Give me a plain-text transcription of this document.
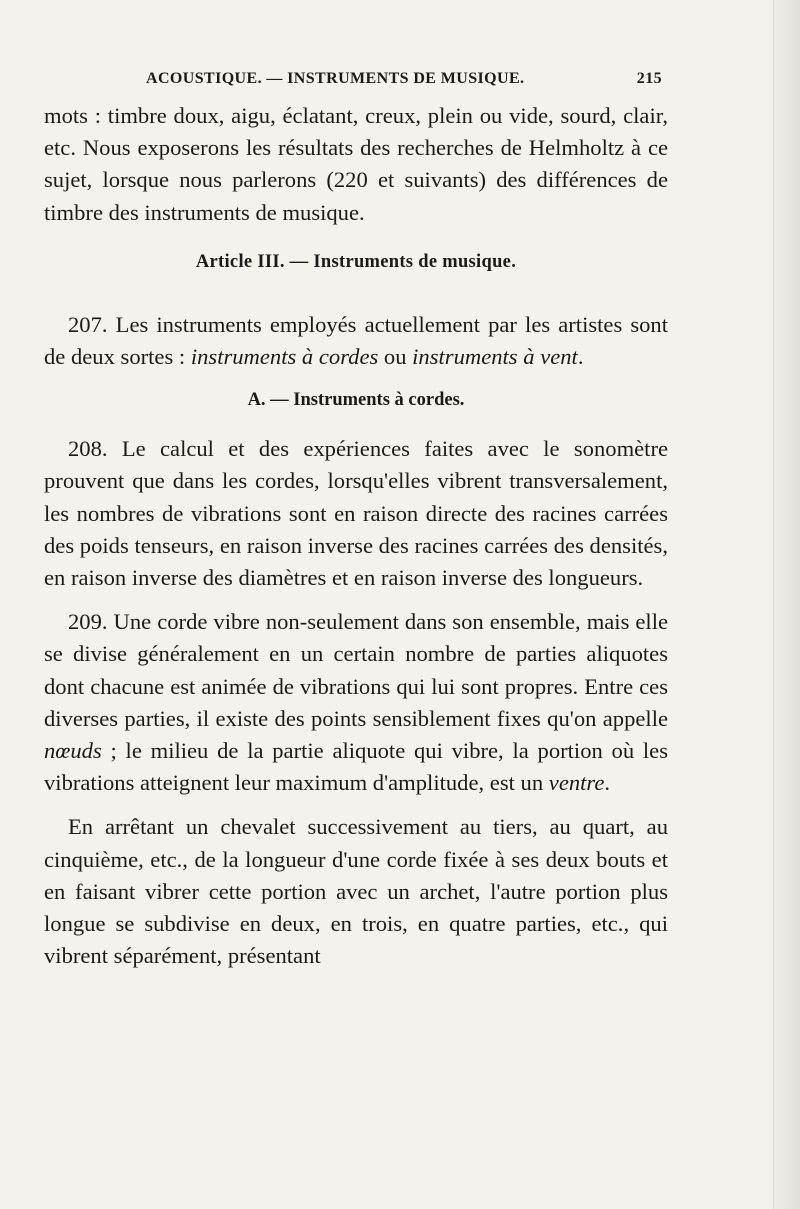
ACOUSTIQUE. — INSTRUMENTS DE MUSIQUE.	215

mots : timbre doux, aigu, éclatant, creux, plein ou vide, sourd, clair, etc. Nous exposerons les résultats des recherches de Helmholtz à ce sujet, lorsque nous parlerons (220 et suivants) des différences de timbre des instruments de musique.

Article III. — Instruments de musique.

207. Les instruments employés actuellement par les artistes sont de deux sortes : instruments à cordes ou instruments à vent.

A. — Instruments à cordes.

208. Le calcul et des expériences faites avec le sonomètre prouvent que dans les cordes, lorsqu'elles vibrent transversalement, les nombres de vibrations sont en raison directe des racines carrées des poids tenseurs, en raison inverse des racines carrées des densités, en raison inverse des diamètres et en raison inverse des longueurs.

209. Une corde vibre non-seulement dans son ensemble, mais elle se divise généralement en un certain nombre de parties aliquotes dont chacune est animée de vibrations qui lui sont propres. Entre ces diverses parties, il existe des points sensiblement fixes qu'on appelle nœuds ; le milieu de la partie aliquote qui vibre, la portion où les vibrations atteignent leur maximum d'amplitude, est un ventre.

En arrêtant un chevalet successivement au tiers, au quart, au cinquième, etc., de la longueur d'une corde fixée à ses deux bouts et en faisant vibrer cette portion avec un archet, l'autre portion plus longue se subdivise en deux, en trois, en quatre parties, etc., qui vibrent séparément, présentant
